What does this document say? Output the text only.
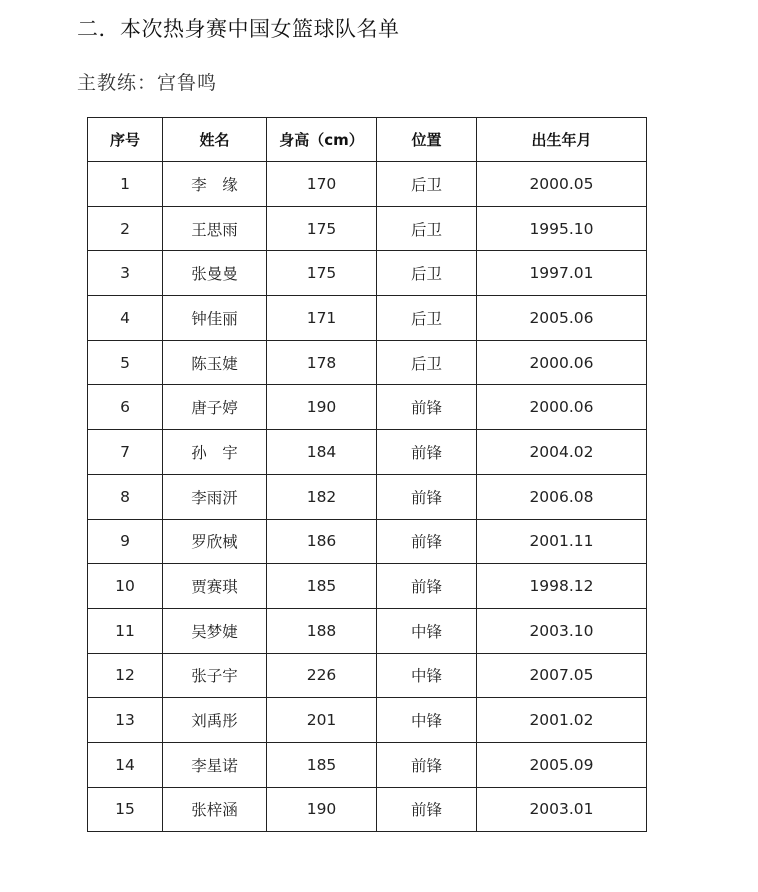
二．本次热身赛中国女篮球队名单
主教练：宫鲁鸣
序号	姓名	身高（cm）	位置	出生年月
1	李　缘	170	后卫	2000.05
2	王思雨	175	后卫	1995.10
3	张曼曼	175	后卫	1997.01
4	钟佳丽	171	后卫	2005.06
5	陈玉婕	178	后卫	2000.06
6	唐子婷	190	前锋	2000.06
7	孙　宇	184	前锋	2004.02
8	李雨汧	182	前锋	2006.08
9	罗欣棫	186	前锋	2001.11
10	贾赛琪	185	前锋	1998.12
11	吴梦婕	188	中锋	2003.10
12	张子宇	226	中锋	2007.05
13	刘禹彤	201	中锋	2001.02
14	李星诺	185	前锋	2005.09
15	张梓涵	190	前锋	2003.01
